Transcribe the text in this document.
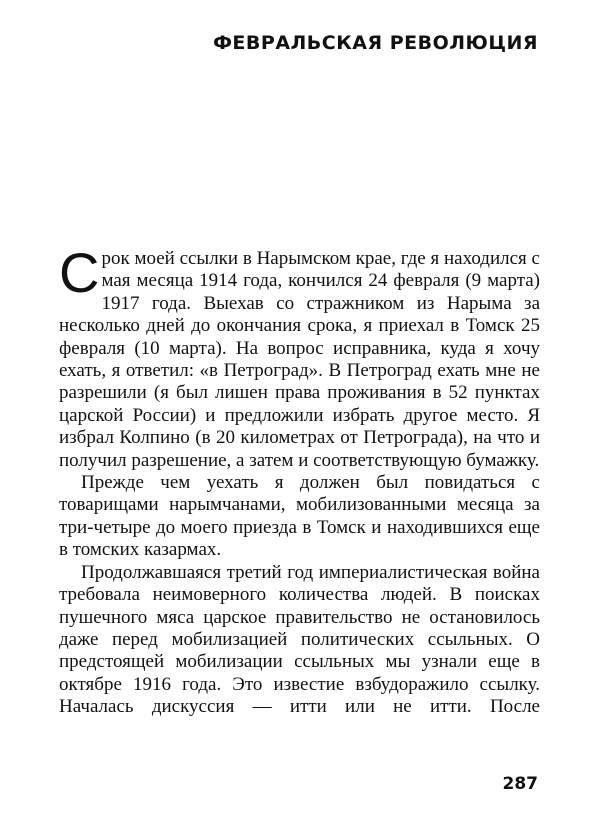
ФЕВРАЛЬСКАЯ РЕВОЛЮЦИЯ

Срок моей ссылки в Нарымском крае, где я находился с мая месяца 1914 года, кончился 24 февраля (9 марта) 1917 года. Выехав со стражником из Нарыма за несколько дней до окончания срока, я приехал в Томск 25 февраля (10 марта). На вопрос исправника, куда я хочу ехать, я ответил: «в Петроград». В Петроград ехать мне не разрешили (я был лишен права проживания в 52 пунктах царской России) и предложили избрать другое место. Я избрал Колпино (в 20 километрах от Петрограда), на что и получил разрешение, а затем и соответствующую бумажку.

Прежде чем уехать я должен был повидаться с товарищами нарымчанами, мобилизованными месяца за три-четыре до моего приезда в Томск и находившихся еще в томских казармах.

Продолжавшаяся третий год империалистическая война требовала неимоверного количества людей. В поисках пушечного мяса царское правительство не остановилось даже перед мобилизацией политических ссыльных. О предстоящей мобилизации ссыльных мы узнали еще в октябре 1916 года. Это известие взбудоражило ссылку. Началась дискуссия — итти или не итти. После

287
